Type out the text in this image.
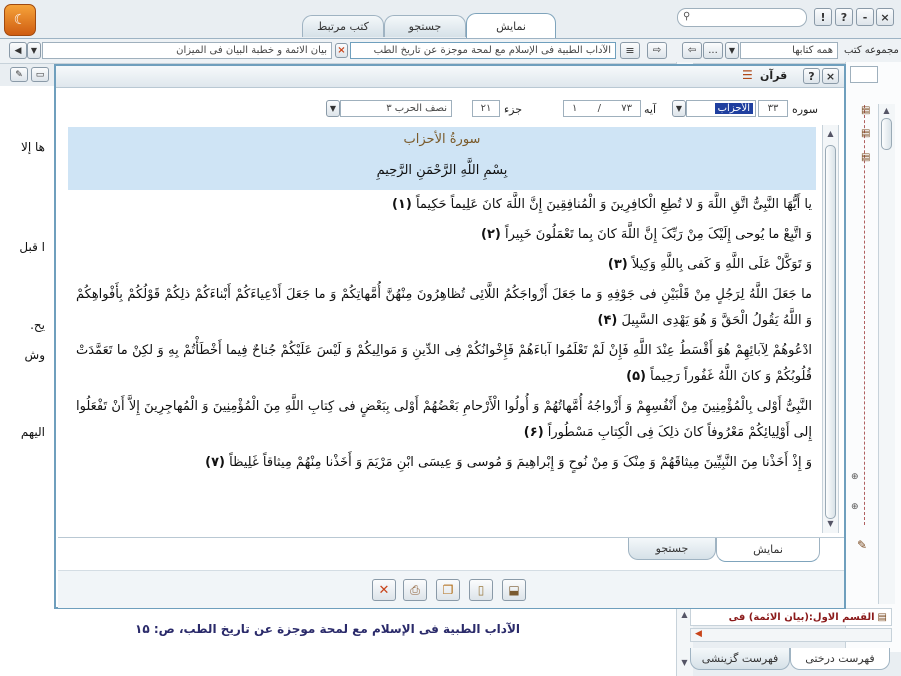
☾	کتب مرتبط	جستجو	نمایش
⚲	! ? - ×
◀ ▼	بیان الائمة و خطبة البیان فی المیزان ×	الآداب الطبیة فی الإسلام مع لمحة موجزة عن تاریخ الطب ≡ ⇨	⇦ ... ▼	همه کتابها مجموعه کتب
✎ ▭
ها إلا
ا قبل
یح.
وش
الیهم
الآداب الطبیة فی الإسلام مع لمحة موجزة عن تاریخ الطب، ص: ۱۵
▲
▼
▤
▤
▤
⊕
⊕
✎
▲
القسم الاول:(بیان الائمة) فی ▤
◀
فهرست درختی
فهرست گزینشی
قرآن
☰	? ×
سوره
۳۳
الأحزاب
▼
آیه
۷۳
/
۱
جزء
۲۱
نصف الحرب ۳
▼
سورةُ الأحزاب
بِسْمِ اللَّهِ الرَّحْمَنِ الرَّحِيمِ

یا أَیُّهَا النَّبِیُّ اتَّقِ اللَّهَ وَ لا تُطِعِ الْکافِرِینَ وَ الْمُنافِقِینَ إِنَّ اللَّهَ کانَ عَلِیماً حَکِیماً (۱)

وَ اتَّبِعْ ما یُوحی إِلَیْکَ مِنْ رَبِّکَ إِنَّ اللَّهَ کانَ بِما تَعْمَلُونَ خَبِیراً (۲)

وَ تَوَکَّلْ عَلَی اللَّهِ وَ کَفی بِاللَّهِ وَکِیلاً (۳)

ما جَعَلَ اللَّهُ لِرَجُلٍ مِنْ قَلْبَیْنِ فی جَوْفِهِ وَ ما جَعَلَ أَزْواجَکُمُ اللَّائِی تُظاهِرُونَ مِنْهُنَّ أُمَّهاتِکُمْ وَ ما جَعَلَ أَدْعِیاءَکُمْ أَبْناءَکُمْ ذلِکُمْ قَوْلُکُمْ بِأَفْواهِکُمْ وَ اللَّهُ یَقُولُ الْحَقَّ وَ هُوَ یَهْدِی السَّبِیلَ (۴)

ادْعُوهُمْ لِآبائِهِمْ هُوَ أَقْسَطُ عِنْدَ اللَّهِ فَإِنْ لَمْ تَعْلَمُوا آباءَهُمْ فَإِخْوانُکُمْ فِی الدِّینِ وَ مَوالِیکُمْ وَ لَیْسَ عَلَیْکُمْ جُناحٌ فِیما أَخْطَأْتُمْ بِهِ وَ لکِنْ ما تَعَمَّدَتْ قُلُوبُکُمْ وَ کانَ اللَّهُ غَفُوراً رَحِیماً (۵)

النَّبِیُّ أَوْلی بِالْمُؤْمِنِینَ مِنْ أَنْفُسِهِمْ وَ أَزْواجُهُ أُمَّهاتُهُمْ وَ أُولُوا الْأَرْحامِ بَعْضُهُمْ أَوْلی بِبَعْضٍ فی کِتابِ اللَّهِ مِنَ الْمُؤْمِنِینَ وَ الْمُهاجِرِینَ إِلاَّ أَنْ تَفْعَلُوا إِلی أَوْلِیائِکُمْ مَعْرُوفاً کانَ ذلِکَ فِی الْکِتابِ مَسْطُوراً (۶)

وَ إِذْ أَخَذْنا مِنَ النَّبِیِّینَ مِیثاقَهُمْ وَ مِنْکَ وَ مِنْ نُوحٍ وَ إِبْراهِیمَ وَ مُوسی وَ عِیسَی ابْنِ مَرْیَمَ وَ أَخَذْنا مِنْهُمْ مِیثاقاً غَلِیظاً (۷)

▲
▼
جستجو	نمایش
✕ ⎙ ❐ ▯ ⬓
